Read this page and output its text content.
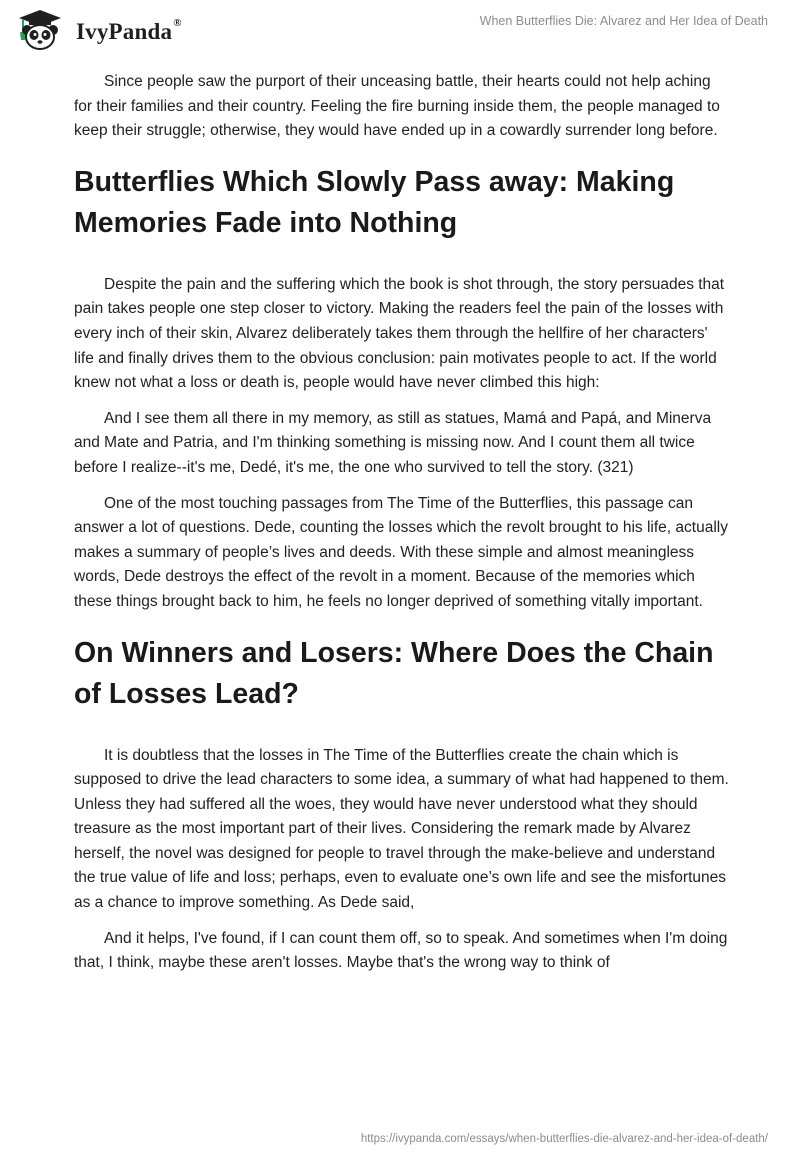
IvyPanda®	When Butterflies Die: Alvarez and Her Idea of Death

Since people saw the purport of their unceasing battle, their hearts could not help aching for their families and their country. Feeling the fire burning inside them, the people managed to keep their struggle; otherwise, they would have ended up in a cowardly surrender long before.

Butterflies Which Slowly Pass away: Making Memories Fade into Nothing

Despite the pain and the suffering which the book is shot through, the story persuades that pain takes people one step closer to victory. Making the readers feel the pain of the losses with every inch of their skin, Alvarez deliberately takes them through the hellfire of her characters' life and finally drives them to the obvious conclusion: pain motivates people to act. If the world knew not what a loss or death is, people would have never climbed this high:

And I see them all there in my memory, as still as statues, Mamá and Papá, and Minerva and Mate and Patria, and I'm thinking something is missing now. And I count them all twice before I realize--it's me, Dedé, it's me, the one who survived to tell the story. (321)

One of the most touching passages from The Time of the Butterflies, this passage can answer a lot of questions. Dede, counting the losses which the revolt brought to his life, actually makes a summary of people’s lives and deeds. With these simple and almost meaningless words, Dede destroys the effect of the revolt in a moment. Because of the memories which these things brought back to him, he feels no longer deprived of something vitally important.

On Winners and Losers: Where Does the Chain of Losses Lead?

It is doubtless that the losses in The Time of the Butterflies create the chain which is supposed to drive the lead characters to some idea, a summary of what had happened to them. Unless they had suffered all the woes, they would have never understood what they should treasure as the most important part of their lives. Considering the remark made by Alvarez herself, the novel was designed for people to travel through the make-believe and understand the true value of life and loss; perhaps, even to evaluate one’s own life and see the misfortunes as a chance to improve something. As Dede said,

And it helps, I've found, if I can count them off, so to speak. And sometimes when I'm doing that, I think, maybe these aren't losses. Maybe that's the wrong way to think of

https://ivypanda.com/essays/when-butterflies-die-alvarez-and-her-idea-of-death/
